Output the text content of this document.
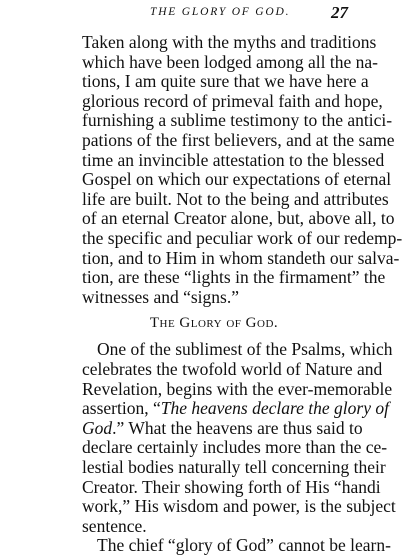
THE GLORY OF GOD. 27
Taken along with the myths and traditions
which have been lodged among all the na-
tions, I am quite sure that we have here a
glorious record of primeval faith and hope,
furnishing a sublime testimony to the antici-
pations of the first believers, and at the same
time an invincible attestation to the blessed
Gospel on which our expectations of eternal
life are built. Not to the being and attributes
of an eternal Creator alone, but, above all, to
the specific and peculiar work of our redemp-
tion, and to Him in whom standeth our salva-
tion, are these “lights in the firmament” the
witnesses and “signs.”
The Glory of God.
One of the sublimest of the Psalms, which
celebrates the twofold world of Nature and
Revelation, begins with the ever-memorable
assertion, “The heavens declare the glory of
God.” What the heavens are thus said to
declare certainly includes more than the ce-
lestial bodies naturally tell concerning their
Creator. Their showing forth of His “handi
work,” His wisdom and power, is the subject
sentence.
The chief “glory of God” cannot be learn-
